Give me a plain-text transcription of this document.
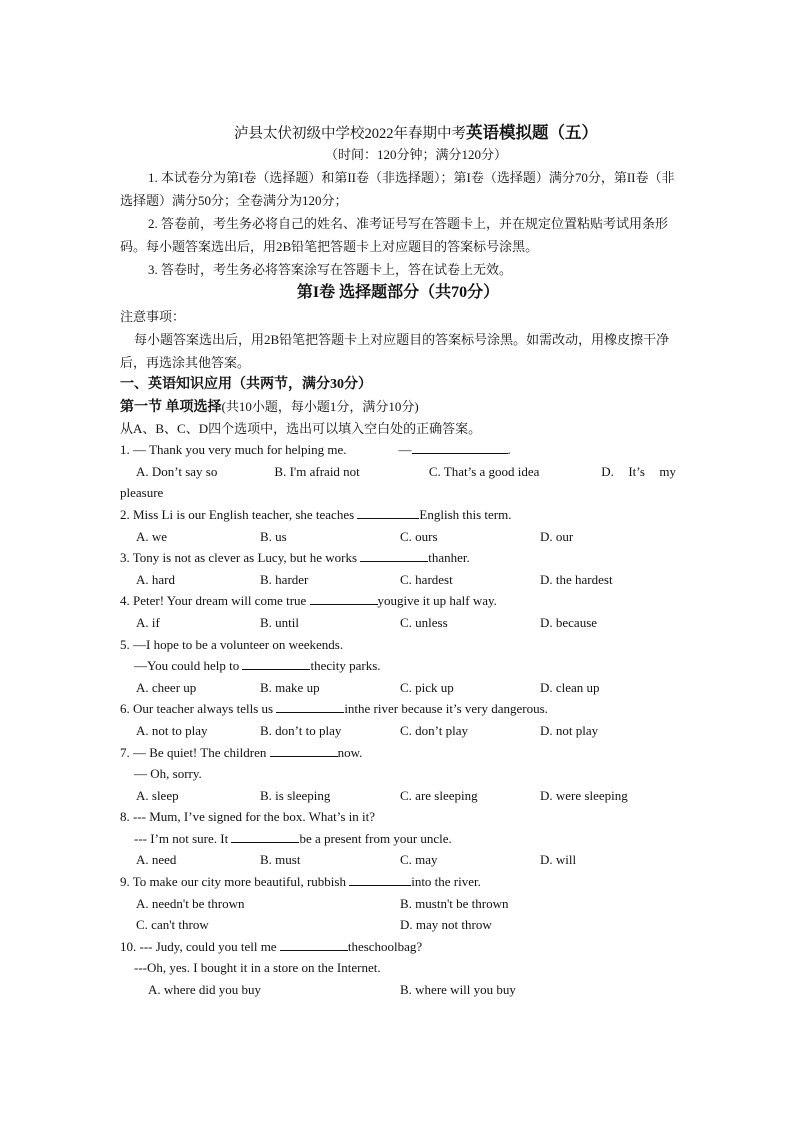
泸县太伏初级中学校2022年春期中考英语模拟题（五）
（时间：120分钟；满分120分）
1. 本试卷分为第I卷（选择题）和第II卷（非选择题）；第I卷（选择题）满分70分，第II卷（非选择题）满分50分；全卷满分为120分；
2. 答卷前，考生务必将自己的姓名、准考证号写在答题卡上，并在规定位置粘贴考试用条形码。每小题答案选出后，用2B铅笔把答题卡上对应题目的答案标号涂黑。
3. 答卷时，考生务必将答案涂写在答题卡上，答在试卷上无效。
第I卷 选择题部分（共70分）
注意事项：
每小题答案选出后，用2B铅笔把答题卡上对应题目的答案标号涂黑。如需改动，用橡皮擦干净后，再选涂其他答案。
一、英语知识应用（共两节，满分30分）
第一节 单项选择(共10小题，每小题1分，满分10分)
从A、B、C、D四个选项中，选出可以填入空白处的正确答案。
1. — Thank you very much for helping me.	—	.
A. Don’t say so	B. I'm afraid not	C. That’s a good idea	D. It’s my
pleasure
2. Miss Li is our English teacher, she teaches	English this term.
A. we	B. us	C. ours	D. our
3. Tony is not as clever as Lucy, but he works	thanher.
A. hard	B. harder	C. hardest	D. the hardest
4. Peter! Your dream will come true	yougive it up half way.
A. if	B. until	C. unless	D. because
5. —I hope to be a volunteer on weekends.
—You could help to	thecity parks.
A. cheer up	B. make up	C. pick up	D. clean up
6. Our teacher always tells us	inthe river because it’s very dangerous.
A. not to play	B. don’t to play	C. don’t play	D. not play
7. — Be quiet! The children	now.
— Oh, sorry.
A. sleep	B. is sleeping	C. are sleeping	D. were sleeping
8. --- Mum, I’ve signed for the box. What’s in it?
--- I’m not sure. It	be a present from your uncle.
A. need	B. must	C. may	D. will
9. To make our city more beautiful, rubbish	into the river.
A. needn't be thrown	B. mustn't be thrown
C. can't throw	D. may not throw
10. --- Judy, could you tell me	theschoolbag?
---Oh, yes. I bought it in a store on the Internet.
A. where did you buy	B. where will you buy
